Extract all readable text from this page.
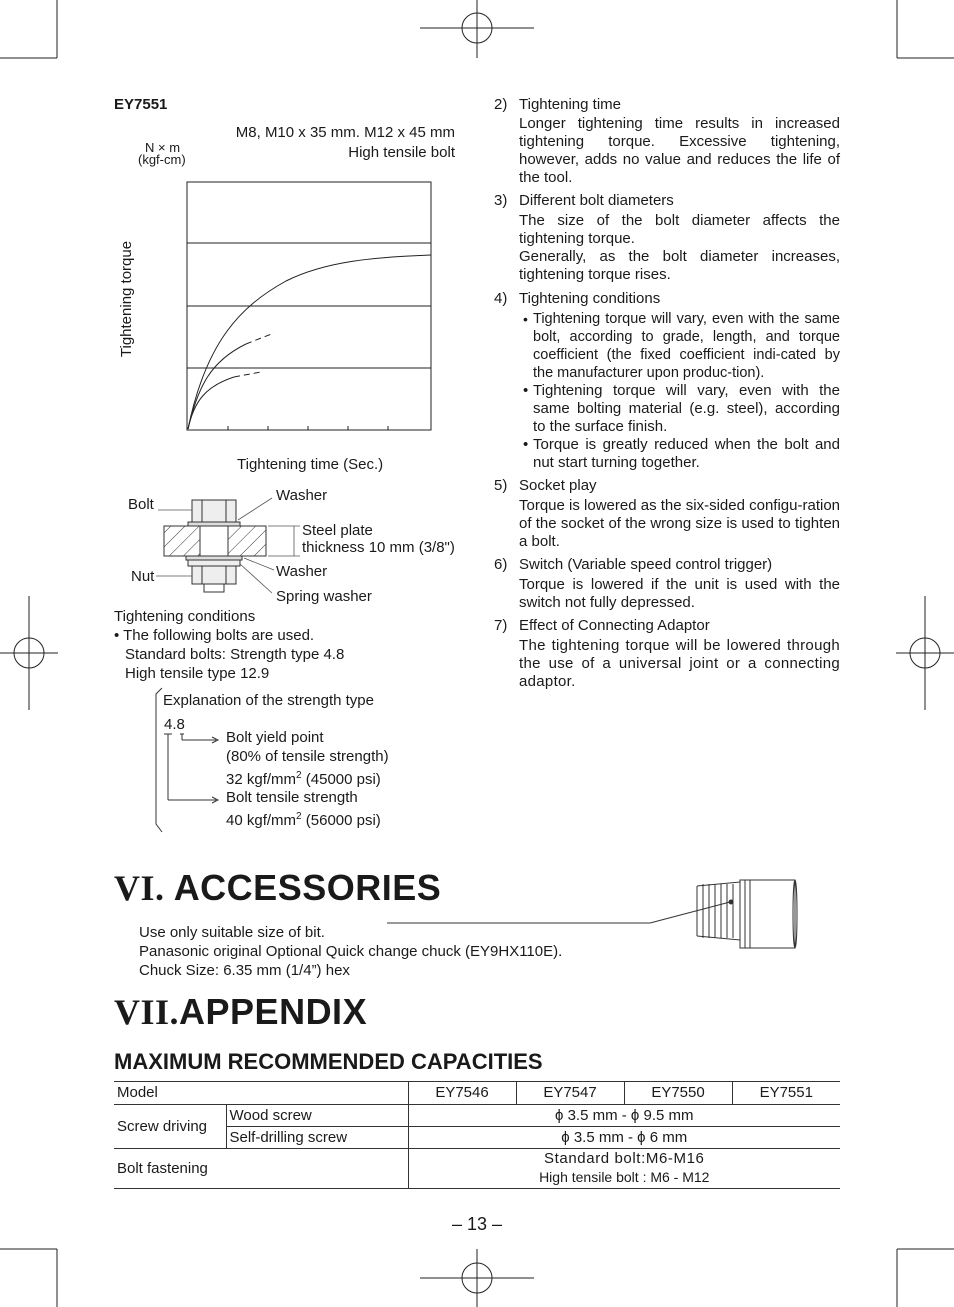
EY7551
M8, M10 x 35 mm. M12 x 45 mm
High tensile bolt
N × m
(kgf-cm)
Tightening torque
Tightening time (Sec.)
Bolt
Nut
Washer
Steel plate
thickness 10 mm (3/8")
Washer
Spring washer
Tightening conditions
• The following bolts are used.
Standard bolts: Strength type 4.8
High tensile type 12.9
Explanation of the strength type
4.8
Bolt yield point
(80% of tensile strength)
32 kgf/$mm^2$ (45000 psi)
Bolt tensile strength
40 kgf/$mm^2$ (56000 psi)
2) Tightening time

Longer tightening time results in increased tightening torque. Excessive tightening, however, adds no value and reduces the life of the tool.

3) Different bolt diameters

The size of the bolt diameter affects the tightening torque.

Generally, as the bolt diameter increases, tightening torque rises.

4) Tightening conditions
• Tightening torque will vary, even with the same bolt, according to grade, length, and torque coefficient (the fixed coefficient indi-cated by the manufacturer upon produc-tion).
• Tightening torque will vary, even with the same bolting material (e.g. steel), according to the surface finish.
• Torque is greatly reduced when the bolt and nut start turning together.
5) Socket play

Torque is lowered as the six-sided configu-ration of the socket of the wrong size is used to tighten a bolt.

6) Switch (Variable speed control trigger)

Torque is lowered if the unit is used with the switch not fully depressed.

7) Effect of Connecting Adaptor

The tightening torque will be lowered through the use of a universal joint or a connecting adaptor.

VI. ACCESSORIES
Use only suitable size of bit.
Panasonic original Optional Quick change chuck (EY9HX110E).
Chuck Size: 6.35 mm (1/4”) hex
VII.APPENDIX
MAXIMUM RECOMMENDED CAPACITIES
Model		EY7546	EY7547	EY7550	EY7551
Screw driving	Wood screw	ϕ 3.5 mm - ϕ 9.5 mm			
	Self-drilling screw	ϕ 3.5 mm - ϕ 6 mm			
Bolt fastening		Standard bolt:M6-M16
High tensile bolt : M6 - M12			
– 13 –
